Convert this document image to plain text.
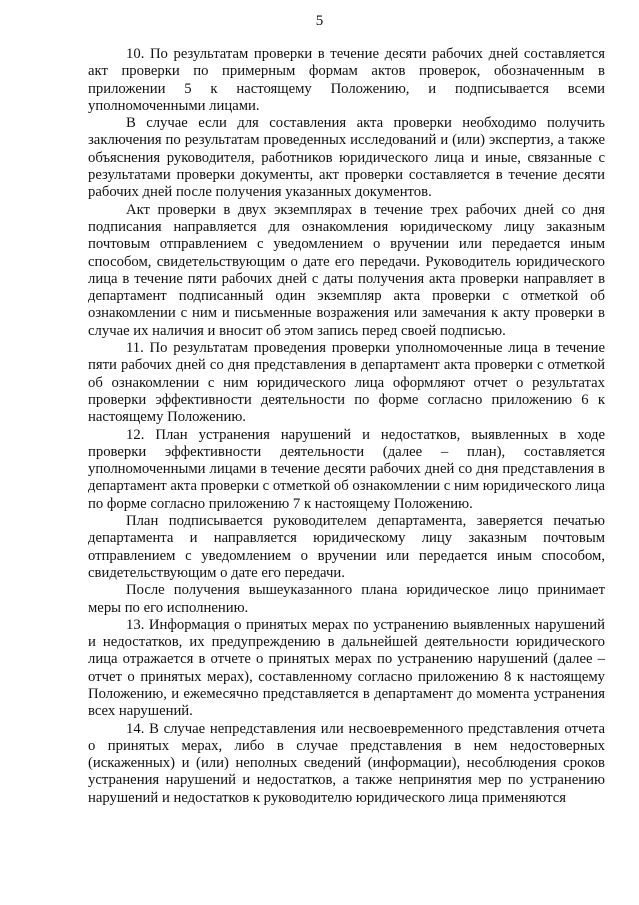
5

10. По результатам проверки в течение десяти рабочих дней составляется акт проверки по примерным формам актов проверок, обозначенным в приложении 5 к настоящему Положению, и подписывается всеми уполномоченными лицами.

В случае если для составления акта проверки необходимо получить заключения по результатам проведенных исследований и (или) экспертиз, а также объяснения руководителя, работников юридического лица и иные, связанные с результатами проверки документы, акт проверки составляется в течение десяти рабочих дней после получения указанных документов.

Акт проверки в двух экземплярах в течение трех рабочих дней со дня подписания направляется для ознакомления юридическому лицу заказным почтовым отправлением с уведомлением о вручении или передается иным способом, свидетельствующим о дате его передачи. Руководитель юридического лица в течение пяти рабочих дней с даты получения акта проверки направляет в департамент подписанный один экземпляр акта проверки с отметкой об ознакомлении с ним и письменные возражения или замечания к акту проверки в случае их наличия и вносит об этом запись перед своей подписью.

11. По результатам проведения проверки уполномоченные лица в течение пяти рабочих дней со дня представления в департамент акта проверки с отметкой об ознакомлении с ним юридического лица оформляют отчет о результатах проверки эффективности деятельности по форме согласно приложению 6 к настоящему Положению.

12. План устранения нарушений и недостатков, выявленных в ходе проверки эффективности деятельности (далее – план), составляется уполномоченными лицами в течение десяти рабочих дней со дня представления в департамент акта проверки с отметкой об ознакомлении с ним юридического лица по форме согласно приложению 7 к настоящему Положению.

План подписывается руководителем департамента, заверяется печатью департамента и направляется юридическому лицу заказным почтовым отправлением с уведомлением о вручении или передается иным способом, свидетельствующим о дате его передачи.

После получения вышеуказанного плана юридическое лицо принимает меры по его исполнению.

13. Информация о принятых мерах по устранению выявленных нарушений и недостатков, их предупреждению в дальнейшей деятельности юридического лица отражается в отчете о принятых мерах по устранению нарушений (далее – отчет о принятых мерах), составленному согласно приложению 8 к настоящему Положению, и ежемесячно представляется в департамент до момента устранения всех нарушений.

14. В случае непредставления или несвоевременного представления отчета о принятых мерах, либо в случае представления в нем недостоверных (искаженных) и (или) неполных сведений (информации), несоблюдения сроков устранения нарушений и недостатков, а также непринятия мер по устранению нарушений и недостатков к руководителю юридического лица применяются
